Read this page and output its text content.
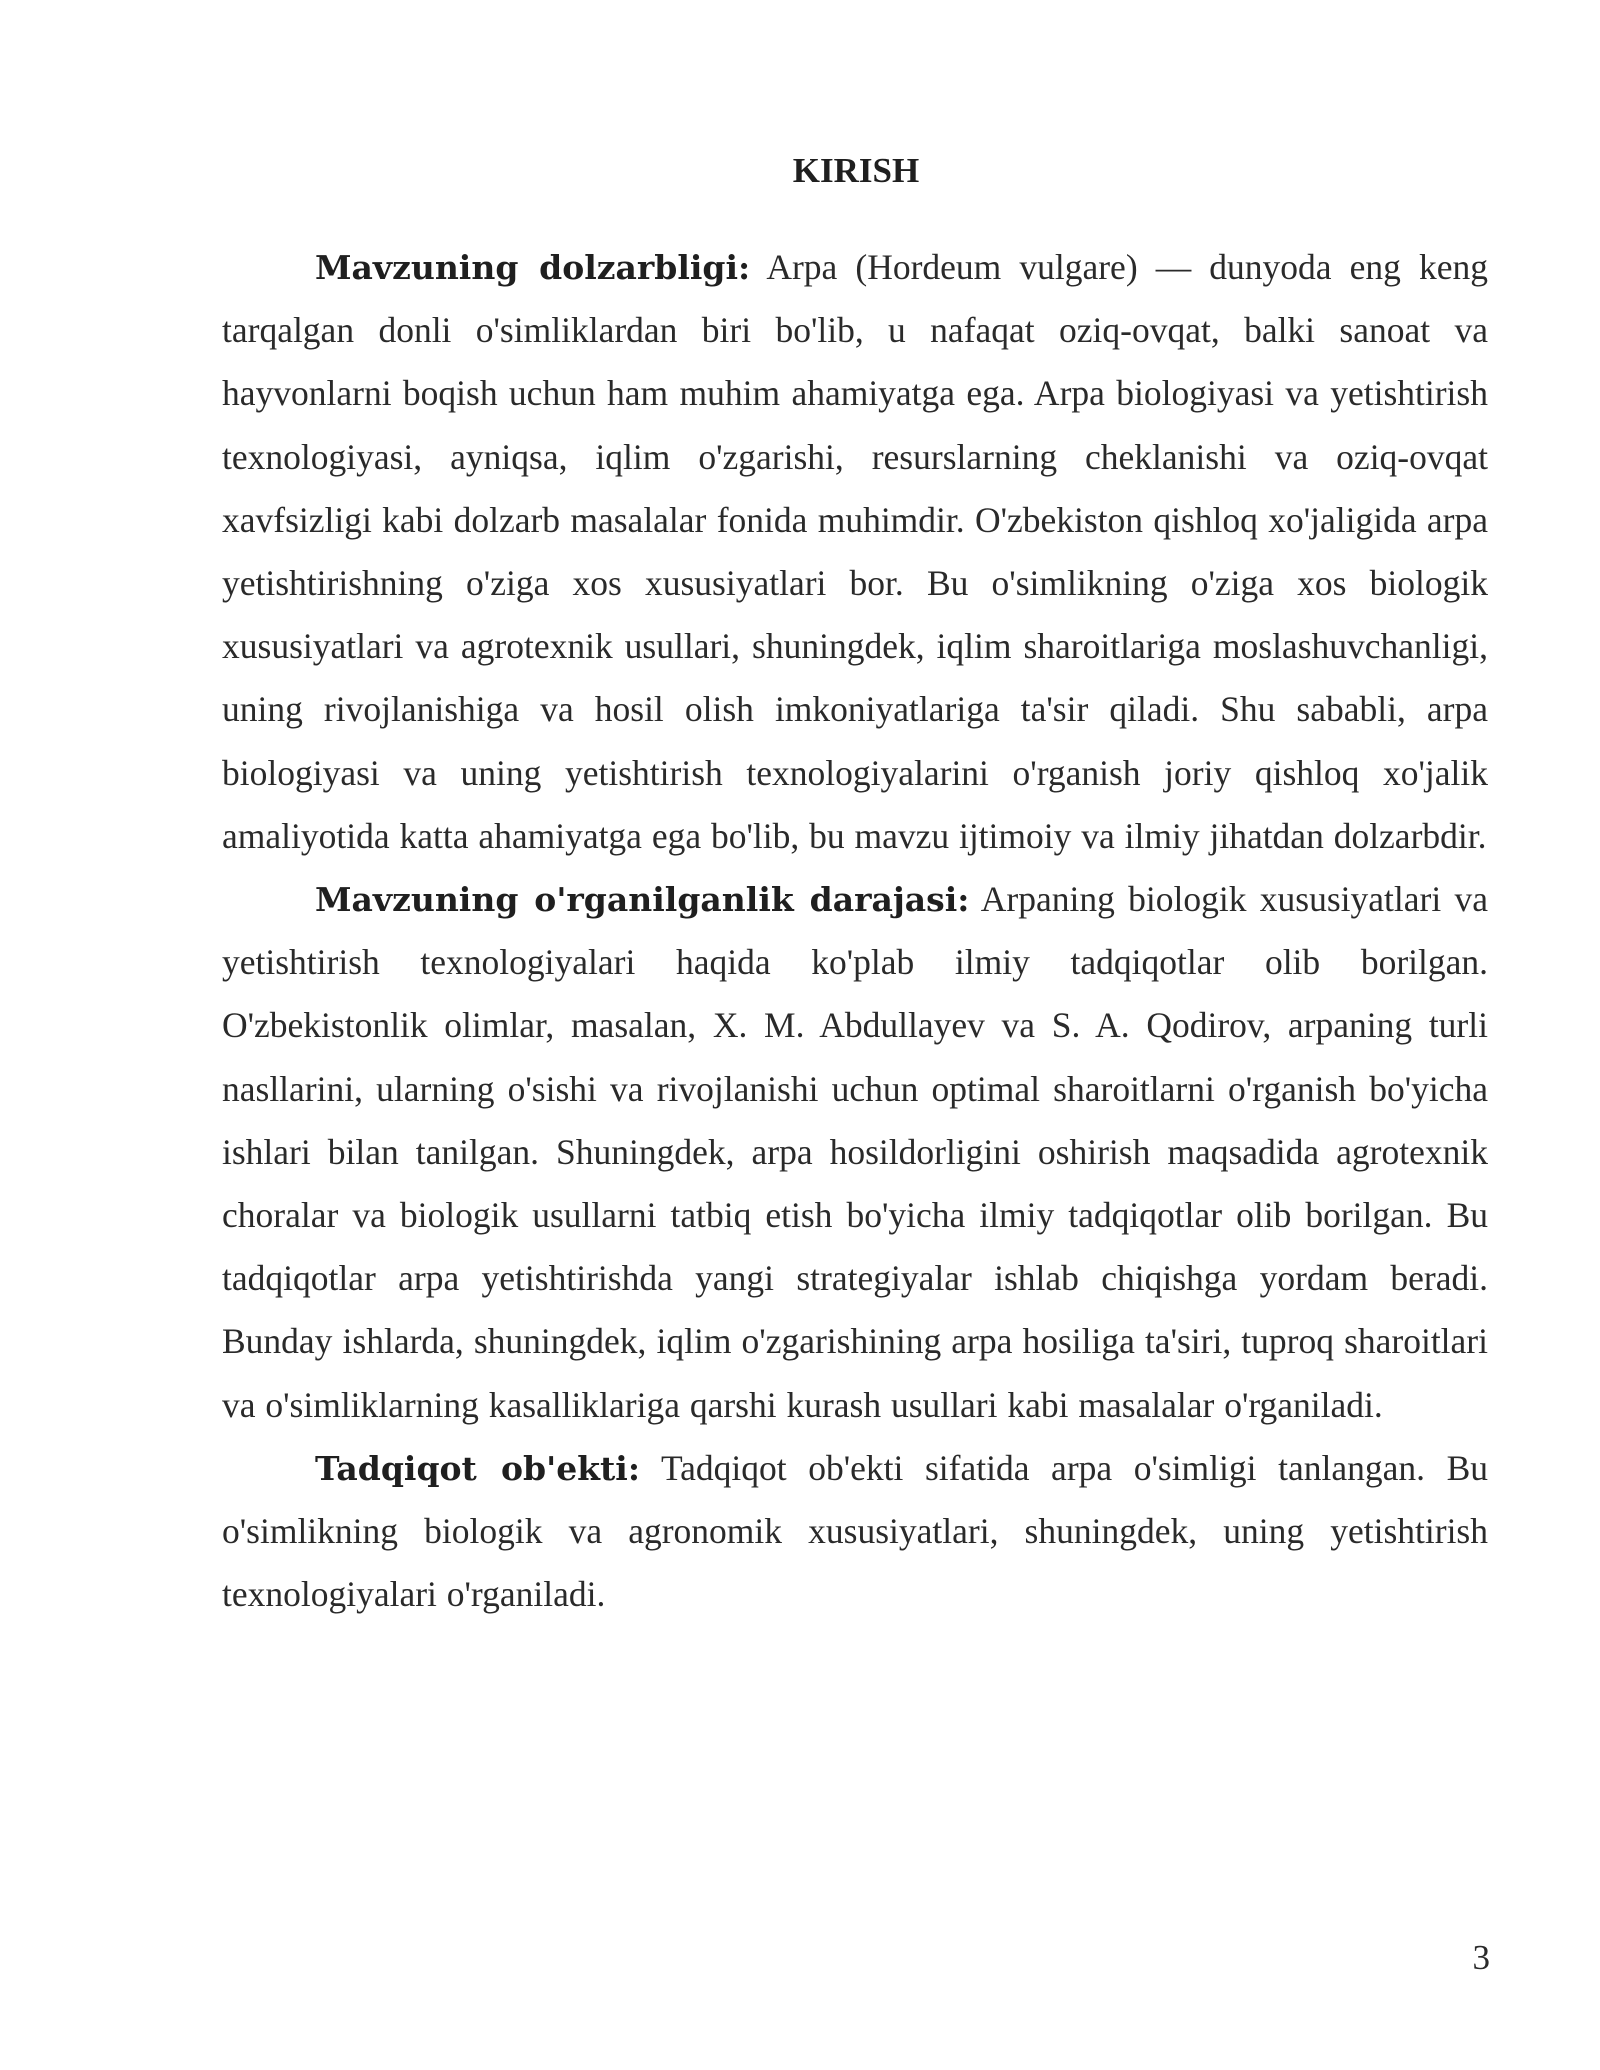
KIRISH

Mavzuning dolzarbligi: Arpa (Hordeum vulgare) — dunyoda eng keng tarqalgan donli o'simliklardan biri bo'lib, u nafaqat oziq-ovqat, balki sanoat va hayvonlarni boqish uchun ham muhim ahamiyatga ega. Arpa biologiyasi va yetishtirish texnologiyasi, ayniqsa, iqlim o'zgarishi, resurslarning cheklanishi va oziq-ovqat xavfsizligi kabi dolzarb masalalar fonida muhimdir. O'zbekiston qishloq xo'jaligida arpa yetishtirishning o'ziga xos xususiyatlari bor. Bu o'simlikning o'ziga xos biologik xususiyatlari va agrotexnik usullari, shuningdek, iqlim sharoitlariga moslashuvchanligi, uning rivojlanishiga va hosil olish imkoniyatlariga ta'sir qiladi. Shu sababli, arpa biologiyasi va uning yetishtirish texnologiyalarini o'rganish joriy qishloq xo'jalik amaliyotida katta ahamiyatga ega bo'lib, bu mavzu ijtimoiy va ilmiy jihatdan dolzarbdir.

Mavzuning o'rganilganlik darajasi: Arpaning biologik xususiyatlari va yetishtirish texnologiyalari haqida ko'plab ilmiy tadqiqotlar olib borilgan. O'zbekistonlik olimlar, masalan, X. M. Abdullayev va S. A. Qodirov, arpaning turli nasllarini, ularning o'sishi va rivojlanishi uchun optimal sharoitlarni o'rganish bo'yicha ishlari bilan tanilgan. Shuningdek, arpa hosildorligini oshirish maqsadida agrotexnik choralar va biologik usullarni tatbiq etish bo'yicha ilmiy tadqiqotlar olib borilgan. Bu tadqiqotlar arpa yetishtirishda yangi strategiyalar ishlab chiqishga yordam beradi. Bunday ishlarda, shuningdek, iqlim o'zgarishining arpa hosiliga ta'siri, tuproq sharoitlari va o'simliklarning kasalliklariga qarshi kurash usullari kabi masalalar o'rganiladi.

Tadqiqot ob'ekti: Tadqiqot ob'ekti sifatida arpa o'simligi tanlangan. Bu o'simlikning biologik va agronomik xususiyatlari, shuningdek, uning yetishtirish texnologiyalari o'rganiladi.

3
